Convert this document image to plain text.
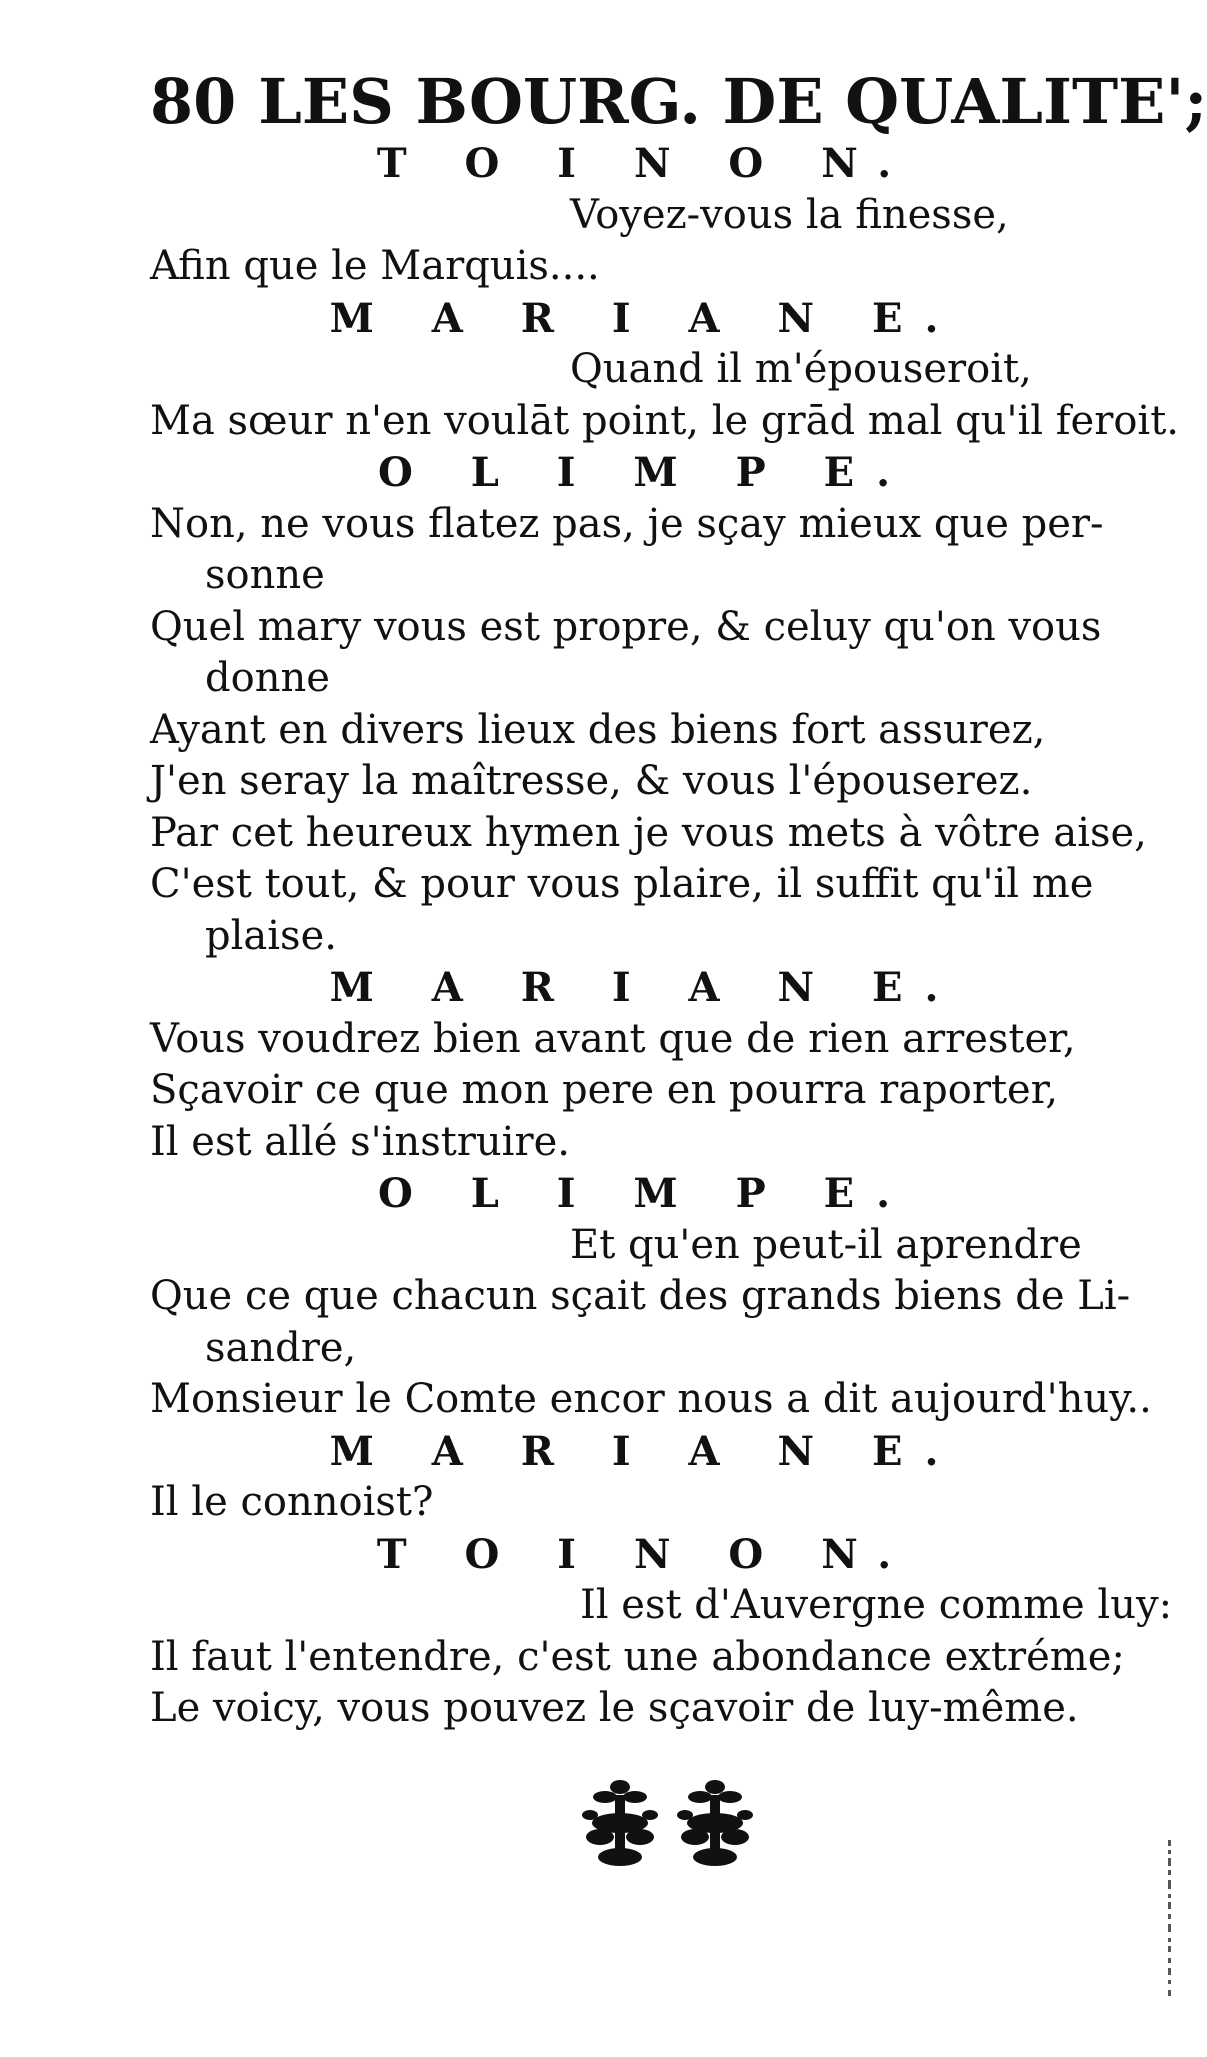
80 LES BOURG. DE QUALITE';
T O I N O N.
Voyez-vous la finesse,
Afin que le Marquis....
M A R I A N E.
Quand il m'épouseroit,
Ma sœur n'en voulāt point, le grād mal qu'il feroit.
O L I M P E.
Non, ne vous flatez pas, je sçay mieux que per-
sonne
Quel mary vous est propre, & celuy qu'on vous
donne
Ayant en divers lieux des biens fort assurez,
J'en seray la maîtresse, & vous l'épouserez.
Par cet heureux hymen je vous mets à vôtre aise,
C'est tout, & pour vous plaire, il suffit qu'il me
plaise.
M A R I A N E.
Vous voudrez bien avant que de rien arrester,
Sçavoir ce que mon pere en pourra raporter,
Il est allé s'instruire.
O L I M P E.
Et qu'en peut-il aprendre
Que ce que chacun sçait des grands biens de Li-
sandre,
Monsieur le Comte encor nous a dit aujourd'huy..
M A R I A N E.
Il le connoist?
T O I N O N.
Il est d'Auvergne comme luy:
Il faut l'entendre, c'est une abondance extréme;
Le voicy, vous pouvez le sçavoir de luy-même.
